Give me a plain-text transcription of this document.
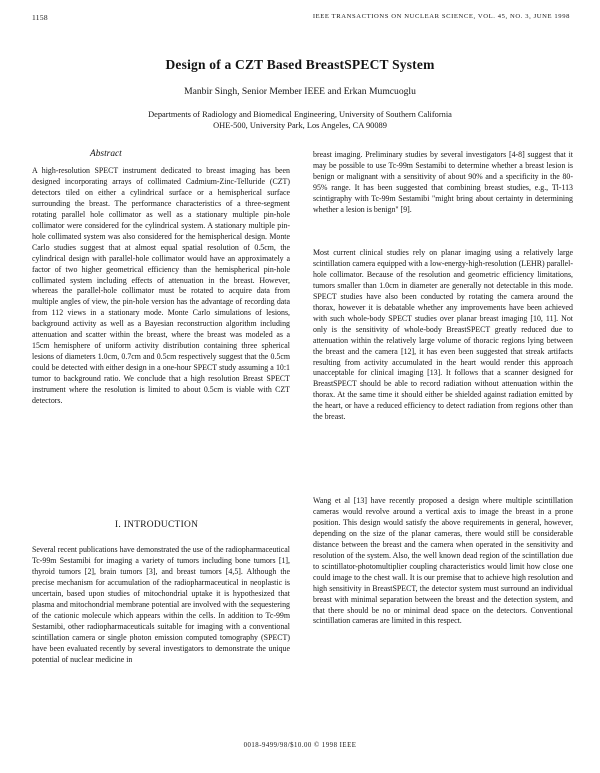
1158	IEEE TRANSACTIONS ON NUCLEAR SCIENCE, VOL. 45, NO. 3, JUNE 1998
Design of a CZT Based BreastSPECT System
Manbir Singh, Senior Member IEEE and Erkan Mumcuoglu
Departments of Radiology and Biomedical Engineering, University of Southern California
OHE-500, University Park, Los Angeles, CA 90089
Abstract
A high-resolution SPECT instrument dedicated to breast imaging has been designed incorporating arrays of collimated Cadmium-Zinc-Telluride (CZT) detectors tiled on either a cylindrical surface or a hemispherical surface surrounding the breast. The performance characteristics of a three-segment rotating parallel hole collimator as well as a stationary multiple pin-hole collimator were considered for the cylindrical system. A stationary multiple pin-hole collimated system was also considered for the hemispherical design. Monte Carlo studies suggest that at almost equal spatial resolution of 0.5cm, the cylindrical design with parallel-hole collimator would have an approximately a factor of two higher geometrical efficiency than the hemispherical pin-hole collimated system including effects of attenuation in the breast. However, whereas the parallel-hole collimator must be rotated to acquire data from multiple angles of view, the pin-hole version has the advantage of recording data from 112 views in a stationary mode. Monte Carlo simulations of lesions, background activity as well as a Bayesian reconstruction algorithm including attenuation and scatter within the breast, where the breast was modeled as a 15cm hemisphere of uniform activity distribution containing three spherical lesions of diameters 1.0cm, 0.7cm and 0.5cm respectively suggest that the 0.5cm could be detected with either design in a one-hour SPECT study assuming a 10:1 tumor to background ratio. We conclude that a high resolution Breast SPECT instrument where the resolution is limited to about 0.5cm is viable with CZT detectors.
I. INTRODUCTION
Several recent publications have demonstrated the use of the radiopharmaceutical Tc-99m Sestamibi for imaging a variety of tumors including bone tumors [1], thyroid tumors [2], brain tumors [3], and breast tumors [4,5]. Although the precise mechanism for accumulation of the radiopharmaceutical in neoplastic is uncertain, based upon studies of mitochondrial uptake it is hypothesized that plasma and mitochondrial membrane potential are involved with the sequestering of the cationic molecule which appears within the cells. In addition to Tc-99m Sestamibi, other radiopharmaceuticals suitable for imaging with a conventional scintillation camera or single photon emission computed tomography (SPECT) have been evaluated recently by several investigators to demonstrate the unique potential of nuclear medicine in
breast imaging. Preliminary studies by several investigators [4-8] suggest that it may be possible to use Tc-99m Sestamibi to determine whether a breast lesion is benign or malignant with a sensitivity of about 90% and a specificity in the 80-95% range. It has been suggested that combining breast studies, e.g., Tl-113 scintigraphy with Tc-99m Sestamibi "might bring about certainty in determining whether a lesion is benign" [9].
Most current clinical studies rely on planar imaging using a relatively large scintillation camera equipped with a low-energy-high-resolution (LEHR) parallel-hole collimator. Because of the resolution and geometric efficiency limitations, tumors smaller than 1.0cm in diameter are generally not detectable in this mode. SPECT studies have also been conducted by rotating the camera around the thorax, however it is debatable whether any improvements have been achieved with such whole-body SPECT studies over planar breast imaging [10, 11]. Not only is the sensitivity of whole-body BreastSPECT greatly reduced due to attenuation within the relatively large volume of thoracic regions lying between the breast and the camera [12], it has even been suggested that streak artifacts resulting from activity accumulated in the heart would render this approach unacceptable for clinical imaging [13]. It follows that a scanner designed for BreastSPECT should be able to record radiation without attenuation within the thorax. At the same time it should either be shielded against radiation emitted by the heart, or have a reduced efficiency to detect radiation from regions other than the breast.
Wang et al [13] have recently proposed a design where multiple scintillation cameras would revolve around a vertical axis to image the breast in a prone position. This design would satisfy the above requirements in general, however, depending on the size of the planar cameras, there would still be considerable distance between the breast and the camera when operated in the sensitivity and resolution of the system. Also, the well known dead region of the scintillation due to scintillator-photomultiplier coupling characteristics would limit how close one could image to the chest wall. It is our premise that to achieve high resolution and high sensitivity in BreastSPECT, the detector system must surround an individual breast with minimal separation between the breast and the detection system, and that there should be no or minimal dead space on the detectors. Conventional scintillation cameras are limited in this respect.
0018-9499/98/$10.00 © 1998 IEEE
